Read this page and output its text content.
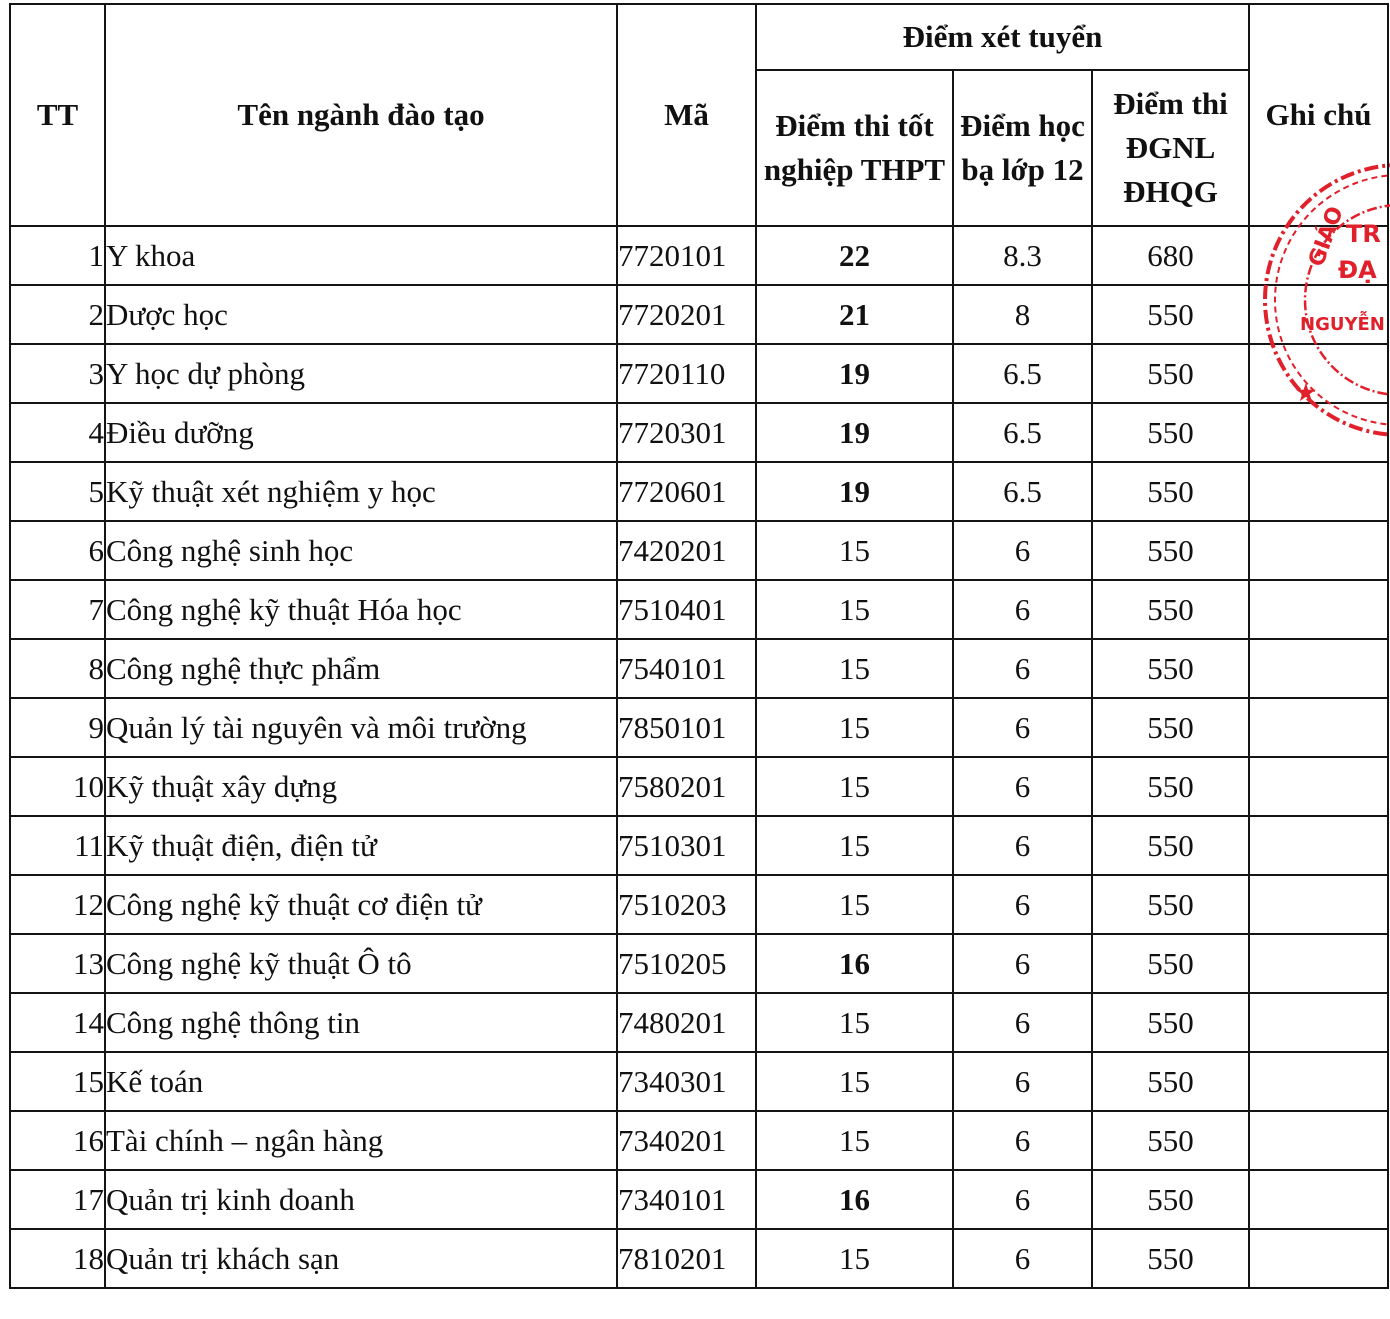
TT	Tên ngành đào tạo	Mã	Điểm xét tuyển			Ghi chú
			Điểm thi tốt nghiệp THPT	Điểm học bạ lớp 12	Điểm thi ĐGNL ĐHQG	
1	Y khoa	7720101	22	8.3	680	
2	Dược học	7720201	21	8	550	
3	Y học dự phòng	7720110	19	6.5	550	
4	Điều dưỡng	7720301	19	6.5	550	
5	Kỹ thuật xét nghiệm y học	7720601	19	6.5	550	
6	Công nghệ sinh học	7420201	15	6	550	
7	Công nghệ kỹ thuật Hóa học	7510401	15	6	550	
8	Công nghệ thực phẩm	7540101	15	6	550	
9	Quản lý tài nguyên và môi trường	7850101	15	6	550	
10	Kỹ thuật xây dựng	7580201	15	6	550	
11	Kỹ thuật điện, điện tử	7510301	15	6	550	
12	Công nghệ kỹ thuật cơ điện tử	7510203	15	6	550	
13	Công nghệ kỹ thuật Ô tô	7510205	16	6	550	
14	Công nghệ thông tin	7480201	15	6	550	
15	Kế toán	7340301	15	6	550	
16	Tài chính – ngân hàng	7340201	15	6	550	
17	Quản trị kinh doanh	7340101	16	6	550	
18	Quản trị khách sạn	7810201	15	6	550	
GIÁO
TR
ĐẠ
NGUYỄN
★
